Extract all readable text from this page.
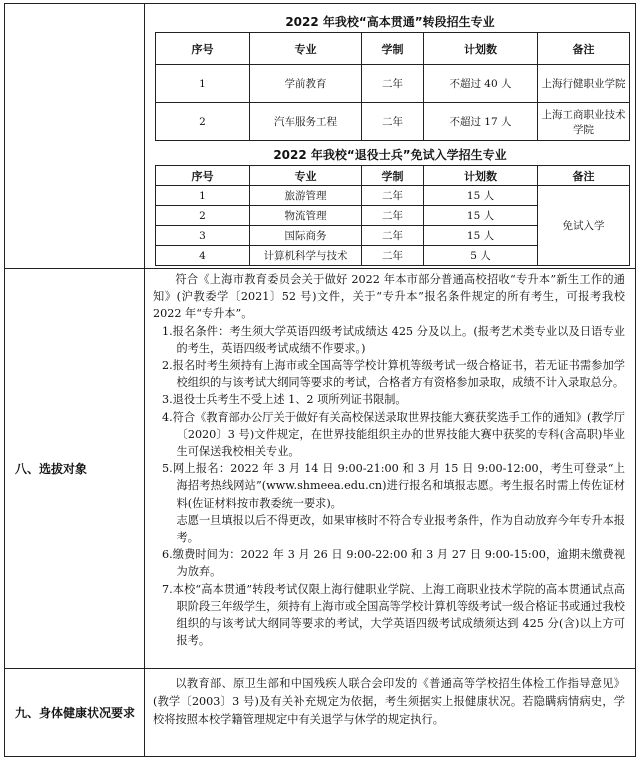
2022 年我校“高本贯通”转段招生专业
序号	专业	学制	计划数	备注
1	学前教育	二年	不超过 40 人	上海行健职业学院
2	汽车服务工程	二年	不超过 17 人	上海工商职业技术学院
2022 年我校“退役士兵”免试入学招生专业
序号	专业	学制	计划数	备注
1	旅游管理	二年	15 人	免试入学
2	物流管理	二年	15 人	
3	国际商务	二年	15 人	
4	计算机科学与技术	二年	5 人	
八、选拔对象

符合《上海市教育委员会关于做好 2022 年本市部分普通高校招收“专升本”新生工作的通知》(沪教委学〔2021〕52 号)文件，关于“专升本”报名条件规定的所有考生，可报考我校 2022 年“专升本”。

1.报名条件：考生须大学英语四级考试成绩达 425 分及以上。(报考艺术类专业以及日语专业的考生，英语四级考试成绩不作要求。)

2.报名时考生须持有上海市或全国高等学校计算机等级考试一级合格证书，若无证书需参加学校组织的与该考试大纲同等要求的考试，合格者方有资格参加录取，成绩不计入录取总分。

3.退役士兵考生不受上述 1、2 项所列证书限制。

4.符合《教育部办公厅关于做好有关高校保送录取世界技能大赛获奖选手工作的通知》(教学厅〔2020〕3 号)文件规定，在世界技能组织主办的世界技能大赛中获奖的专科(含高职)毕业生可保送我校相关专业。

5.网上报名：2022 年 3 月 14 日 9:00-21:00 和 3 月 15 日 9:00-12:00，考生可登录“上海招考热线网站”(www.shmeea.edu.cn)进行报名和填报志愿。考生报名时需上传佐证材料(佐证材料按市教委统一要求)。

志愿一旦填报以后不得更改，如果审核时不符合专业报考条件，作为自动放弃今年专升本报考。

6.缴费时间为：2022 年 3 月 26 日 9:00-22:00 和 3 月 27 日 9:00-15:00，逾期未缴费视为放弃。

7.本校“高本贯通”转段考试仅限上海行健职业学院、上海工商职业技术学院的高本贯通试点高职阶段三年级学生，须持有上海市或全国高等学校计算机等级考试一级合格证书或通过我校组织的与该考试大纲同等要求的考试，大学英语四级考试成绩须达到 425 分(含)以上方可报考。

九、身体健康状况要求

以教育部、原卫生部和中国残疾人联合会印发的《普通高等学校招生体检工作指导意见》(教学〔2003〕3 号)及有关补充规定为依据，考生须据实上报健康状况。若隐瞒病情病史，学校将按照本校学籍管理规定中有关退学与休学的规定执行。
